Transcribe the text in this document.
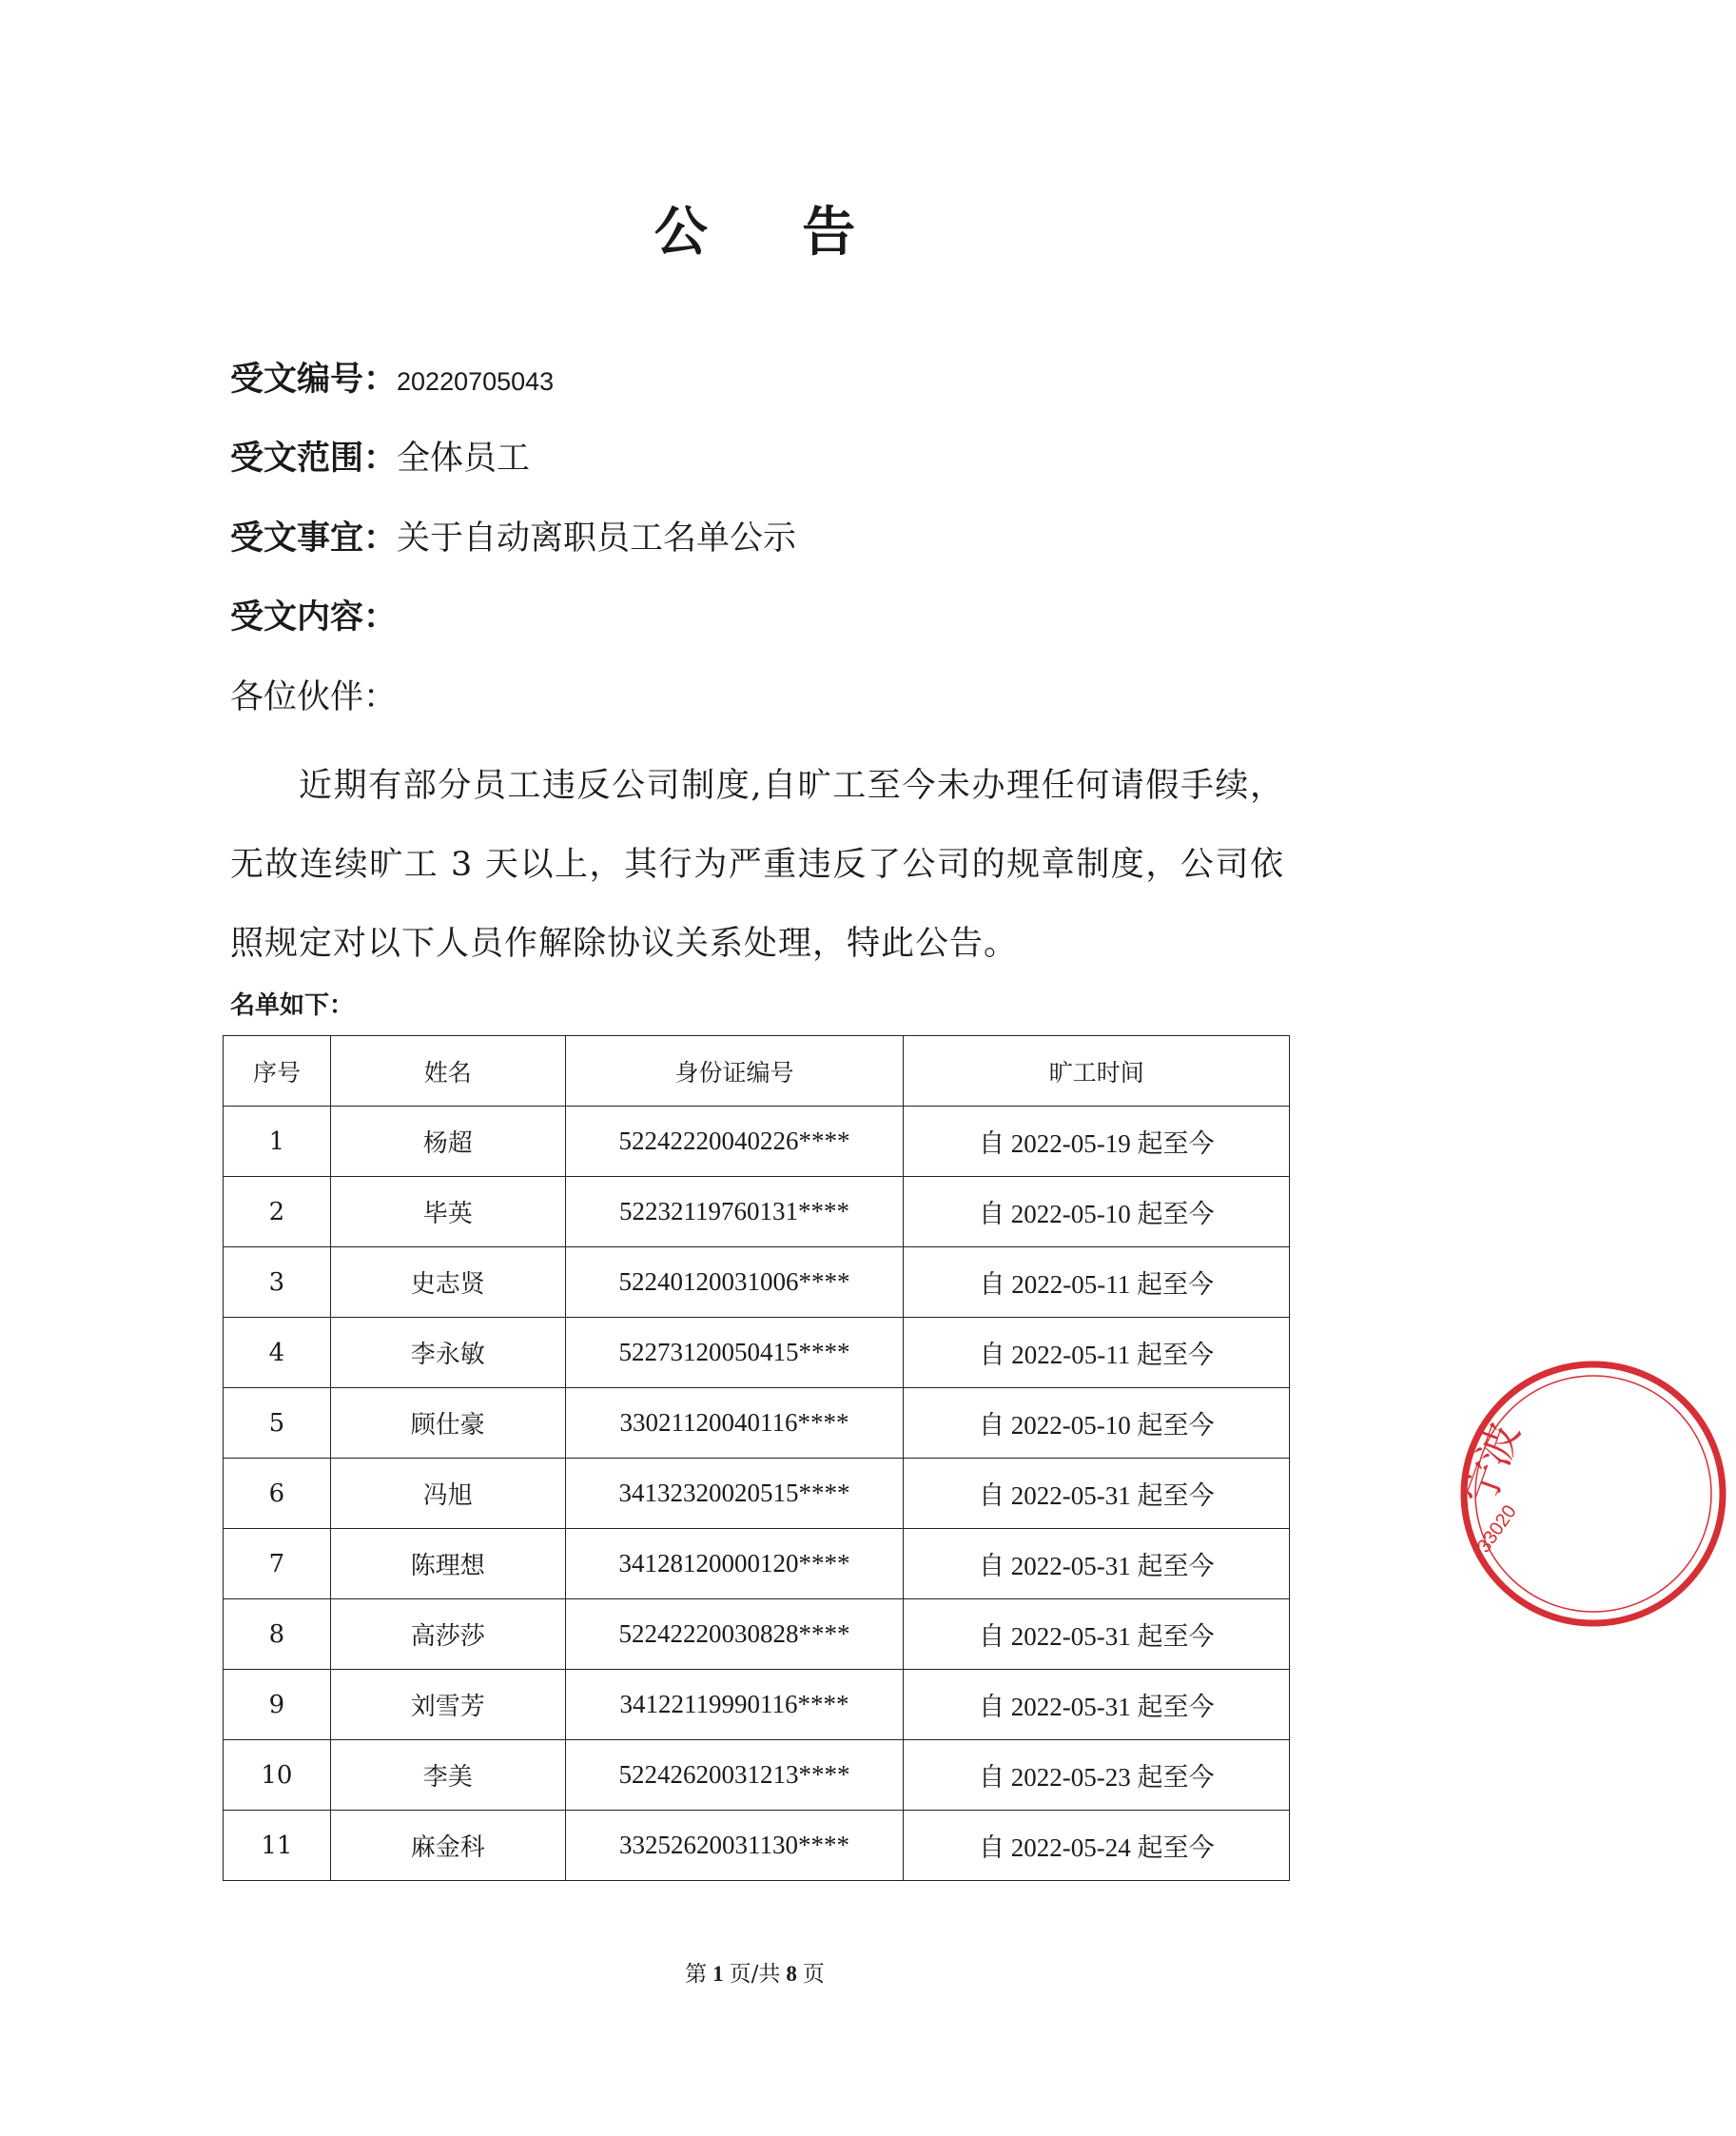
公 告
受文编号：20220705043
受文范围：全体员工
受文事宜：关于自动离职员工名单公示
受文内容：
各位伙伴：
近期有部分员工违反公司制度,自旷工至今未办理任何请假手续，无故连续旷工 3 天以上，其行为严重违反了公司的规章制度，公司依照规定对以下人员作解除协议关系处理，特此公告。
名单如下：
序号	姓名	身份证编号	旷工时间
1	杨超	52242220040226****	自 2022-05-19 起至今
2	毕英	52232119760131****	自 2022-05-10 起至今
3	史志贤	52240120031006****	自 2022-05-11 起至今
4	李永敏	52273120050415****	自 2022-05-11 起至今
5	顾仕豪	33021120040116****	自 2022-05-10 起至今
6	冯旭	34132320020515****	自 2022-05-31 起至今
7	陈理想	34128120000120****	自 2022-05-31 起至今
8	高莎莎	52242220030828****	自 2022-05-31 起至今
9	刘雪芳	34122119990116****	自 2022-05-31 起至今
10	李美	52242620031213****	自 2022-05-23 起至今
11	麻金科	33252620031130****	自 2022-05-24 起至今
第 1 页/共 8 页
宁波
33020
